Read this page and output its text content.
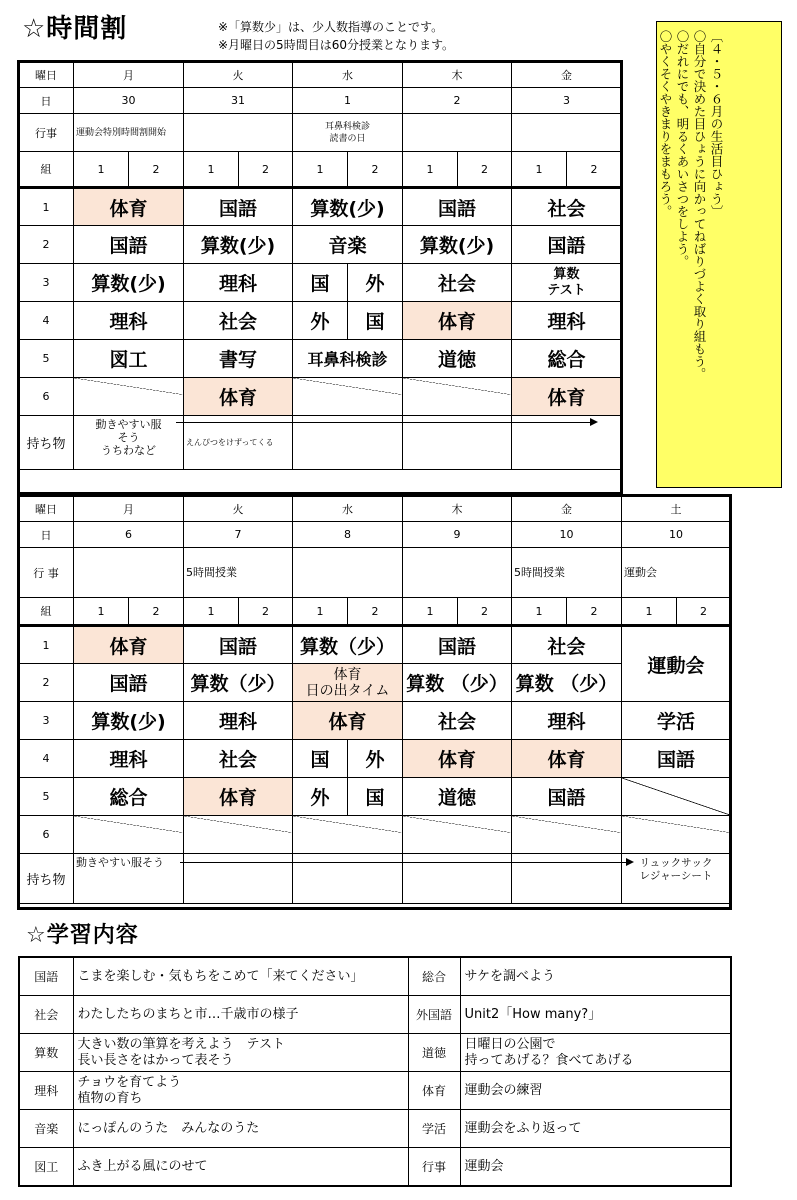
☆時間割	※「算数少」は、少人数指導のことです。
※月曜日の5時間目は60分授業となります。	〔４・５・６月の生活目ひょう〕
〇自分で決めた目ひょうに向かってねばりづよく取り組もう。
〇だれにでも、明るくあいさつをしよう。
〇やくそくやきまりをまもろう。
曜日	月		火		水		木		金	
日	30		31		1		2		3	
行事	運動会特別時間割開始				耳鼻科検診
読書の日					
組	1	2	1	2	1	2	1	2	1	2
1	体育		国語		算数(少)		国語		社会	
2	国語		算数(少)		音楽		算数(少)		国語	
3	算数(少)		理科		国	外	社会		算数
テスト	
4	理科		社会		外	国	体育		理科	
5	図工		書写		耳鼻科検診		道徳		総合	
6			体育						体育	
持ち物	動きやすい服
そう
うちわなど		えんぴつをけずってくる							
曜日	月		火		水		木		金		土	
日	6		7		8		9		10		10	
行 事			5時間授業						5時間授業		運動会	
組	1	2	1	2	1	2	1	2	1	2	1	2
1	体育		国語		算数（少）		国語		社会		運動会	
2	国語		算数（少）		体育
日の出タイム		算数 （少）		算数 （少）			
3	算数(少)		理科		体育		社会		理科		学活	
4	理科		社会		国	外	体育		体育		国語	
5	総合		体育		外	国	道徳		国語			
6												
持ち物	動きやすい服そう										リュックサック
レジャーシート	
☆学習内容
国語	こまを楽しむ・気もちをこめて「来てください」	総合	サケを調べよう
社会	わたしたちのまちと市…千歳市の様子	外国語	Unit2「How many?」
算数	大きい数の筆算を考えよう　テスト
長い長さをはかって表そう	道徳	日曜日の公園で
持ってあげる？食べてあげる
理科	チョウを育てよう
植物の育ち	体育	運動会の練習
音楽	にっぽんのうた　みんなのうた	学活	運動会をふり返って
図工	ふき上がる風にのせて	行事	運動会
